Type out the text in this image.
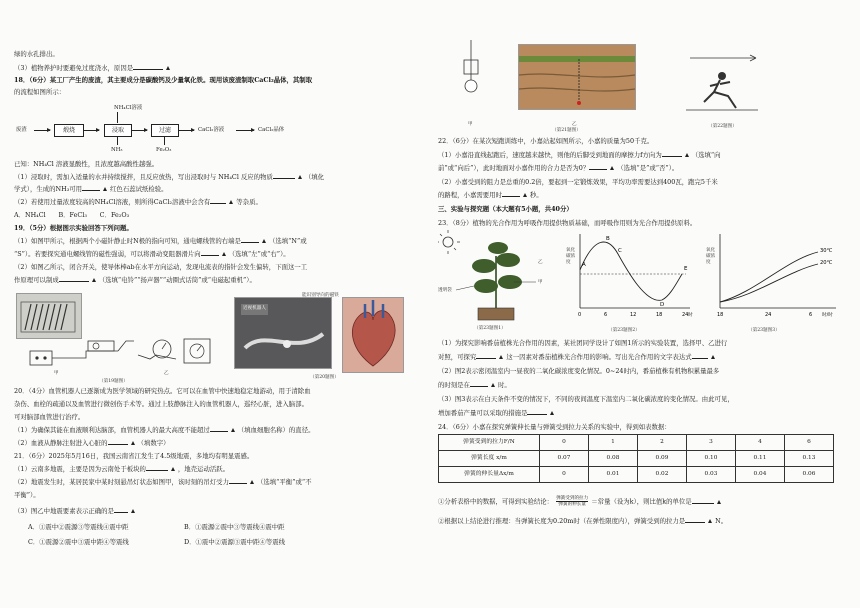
绿的水孔排出。
（3）植物养护时要避免过度浇水，原因是
18．（6分）某工厂产生的废渣，其主要成分是碳酸钙及少量氧化铁。现用该废渣制取CaCl₂晶体，其制取
的流程如图所示：
废渣	煅烧	浸取
NH₄Cl溶液
NH₃
过滤
Fe₂O₃
CaCl₂溶液	CaCl₂晶体
已知：NH₄Cl 溶液显酸性，且浓度越高酸性越强。
（1）浸取时，需加入适量的水并持续搅拌，且反应放热，写出浸取时与 NH₄Cl 反应的物质	（填化
学式），生成的NH₃可用	红色石蕊试纸检验。
（2）若使用过量浓度较高的NH₄Cl溶液，则所得CaCl₂溶液中会含有	等杂质。
A．NH₄Cl　　B．FeCl₃　　C．Fe₂O₃
19．（5分）根据图示实验回答下列问题。
（1）如图甲所示，根据两个小磁针静止时N极的指向可知，通电螺线管的右端是	（选填“N”或
“S”）。若要探究通电螺线管的磁性强弱，可以将滑动变阻器滑片向	（选填“左”或“右”）。
（2）如图乙所示，闭合开关，使导体棒ab在水平方向运动，发现电流表的指针会发生偏转，下面这一工
作原理可以制成	（选填“电铃”“扬声器”“动圈式话筒”或“电磁起重机”）。
甲	乙
（第19题图）
近视机器人
能识别导向的磁铁
（第20题图）
20．（4分）血管机器人已逐渐成为医学领域的研究热点。它可以在血管中快速地稳定地游动，用于清除血
杂伤、血栓的疏通以及血管进行微创伤手术等。通过上肢静脉注入的血管机器人，巡经心脏，进入脑部。
可对脑部血管进行治疗。
（1）为确保其能在血液顺利达脑部，血管机器人的最大高度不能超过	（填血细胞名称）的直径。
（2）血液从静脉注射进入心脏的	（填数字）
21．（6分）2025年5月16日，我国云南省江发生了4.5级地震，多地均有明显震感。
（1）云南多地震，主要是因为云南处于板块的	，地壳运动活跃。
（2）地震发生时，某居民家中某时刻悬吊灯状态如图甲，该时刻的吊灯受力	（选填“平衡”或“不
平衡”）。
（3）图乙中地震要素表示正确的是
A．①震中②震源③等震线④震中距	B．①震源②震中③等震线④震中距
C．①震源②震中③震中距④等震线	D．①震中②震源③震中距④等震线
甲	乙
（第21题图）
（第22题图）
22．（6分）在某次短跑训练中，小嘉站起如图所示，小嘉的质量为50千克。
（1）小嘉沿直线起跑后，速度越来越快，则他的后脚受到地面的摩擦力f方向为	（选填“向
前”或“向后”），此时地面对小嘉作用的合力是否为0？	（选填“是”或“否”）。
（2）小嘉受到的阻力是总重的0.2倍，要起到一定锻炼效果，平均功率需要达到400瓦，跑完5千米
的路程，小嘉需要用时	秒。
三、实验与探究题（本大题有5小题，共40分）
23．（8分）植物的光合作用为呼吸作用提供物质基础，而呼吸作用则为光合作用提供原料。
透明袋
甲
乙
（第23题图1）
A
B
C
D
E
0	6	12	18	24 时
氧化碳浓度
（第23题图2）
30℃
20℃
18	24	6 时/时
氧化碳浓度
（第23题图3）
（1）为探究影响番茄植株光合作用的因素，某社团同学设计了如图1所示的实验装置，选择甲、乙进行
对照，可探究	这一因素对番茄植株光合作用的影响。写出光合作用的文字表达式
（2）图2表示密闭温室内一昼夜的二氧化碳浓度变化情况。0~24时内，番茄植株有机物积累量最多
的时刻是在	时。
（3）图3表示在白天条件不变的情况下，不同的夜间温度下温室内二氧化碳浓度的变化情况。由此可见，
增加番茄产量可以采取的措施是
24．（6分）小嘉在探究弹簧伸长量与弹簧受到拉力关系的实验中，得到如表数据：
弹簧受到的拉力F/N	0	1	2	3	4	6
弹簧长度 x/m	0.07	0.08	0.09	0.10	0.11	0.13
弹簧的伸长量Δx/m	0	0.01	0.02	0.03	0.04	0.06
①分析表格中的数据，可得到实验结论： 弹簧受到的拉力
弹簧的伸长量 ＝常量（设为k），则比值k的单位是
②根据以上结论进行推理：当弹簧长度为0.20m时（在弹性限度内），弹簧受到的拉力是	N。
